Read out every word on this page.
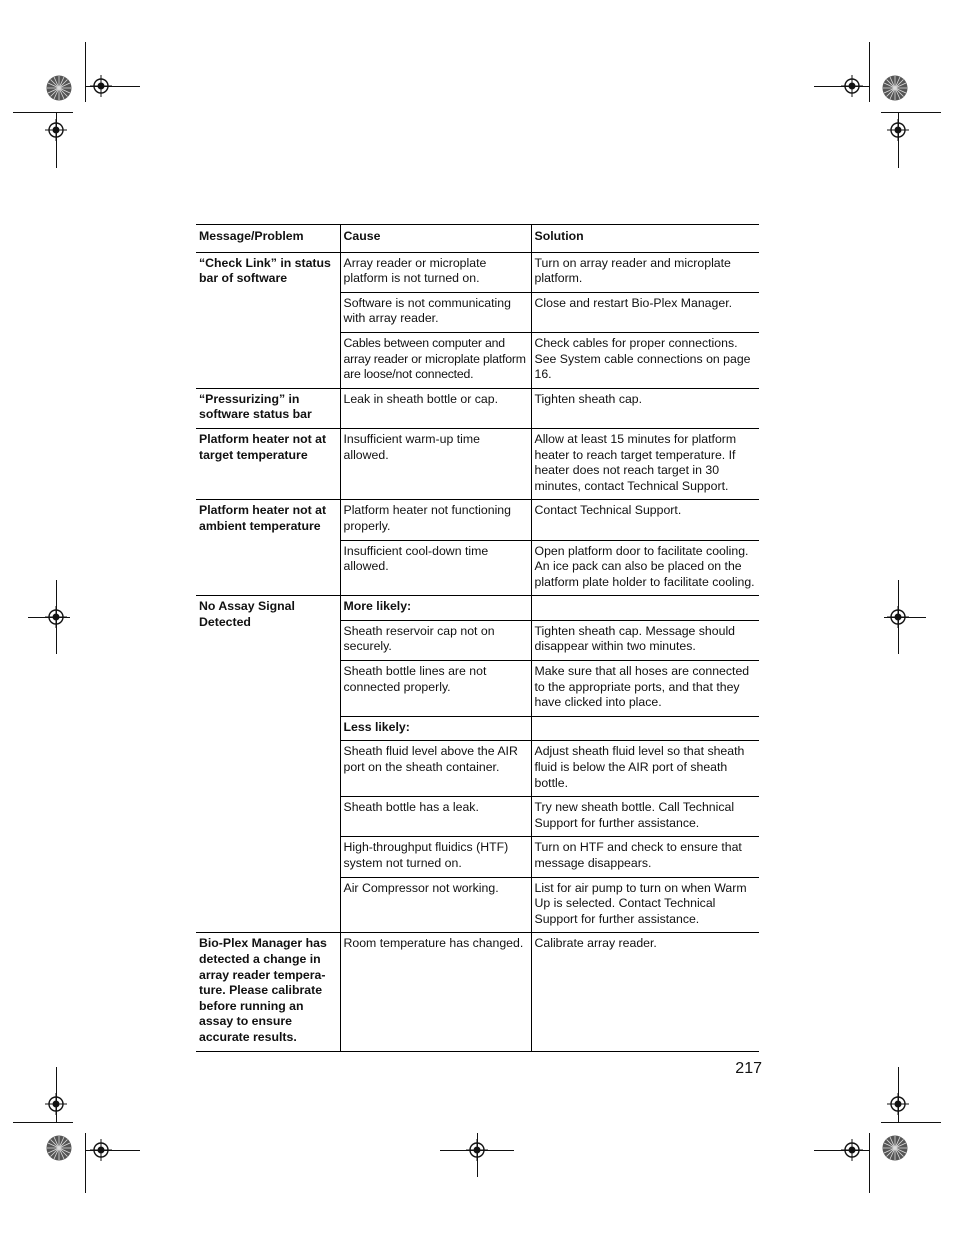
Message/Problem	Cause	Solution
“Check Link” in status bar of software	Array reader or microplate platform is not turned on.	Turn on array reader and microplate platform.
	Software is not communicating with array reader.	Close and restart Bio-Plex Manager.
	Cables between computer and array reader or microplate platform are loose/not connected.	Check cables for proper connections. See System cable connections on page 16.
“Pressurizing” in software status bar	Leak in sheath bottle or cap.	Tighten sheath cap.
Platform heater not at target temperature	Insufficient warm-up time allowed.	Allow at least 15 minutes for platform heater to reach target temperature. If heater does not reach target in 30 minutes, contact Technical Support.
Platform heater not at ambient temperature	Platform heater not functioning properly.	Contact Technical Support.
	Insufficient cool-down time allowed.	Open platform door to facilitate cooling. An ice pack can also be placed on the platform plate holder to facilitate cooling.
No Assay Signal Detected	More likely:	
	Sheath reservoir cap not on securely.	Tighten sheath cap. Message should disappear within two minutes.
	Sheath bottle lines are not connected properly.	Make sure that all hoses are connected to the appropriate ports, and that they have clicked into place.
	Less likely:	
	Sheath fluid level above the AIR port on the sheath container.	Adjust sheath fluid level so that sheath fluid is below the AIR port of sheath bottle.
	Sheath bottle has a leak.	Try new sheath bottle. Call Technical Support for further assistance.
	High-throughput fluidics (HTF) system not turned on.	Turn on HTF and check to ensure that message disappears.
	Air Compressor not working.	List for air pump to turn on when Warm Up is selected. Contact Technical Support for further assistance.
Bio-Plex Manager has detected a change in array reader tempera-ture. Please calibrate before running an assay to ensure accurate results.	Room temperature has changed.	Calibrate array reader.
217
